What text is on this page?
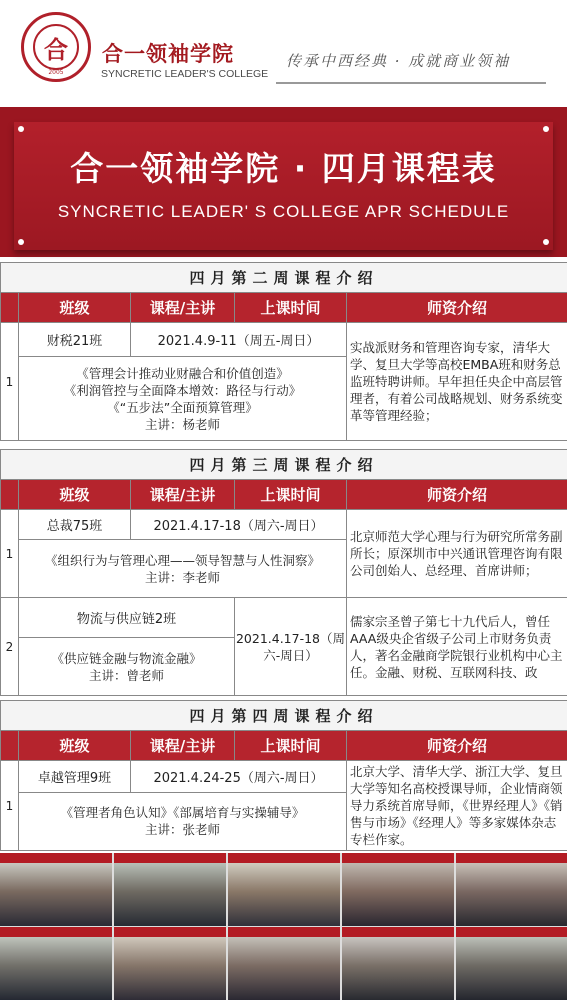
合
2005
合一领袖学院
SYNCRETIC LEADER'S COLLEGE
传承中西经典 · 成就商业领袖
合一领袖学院 · 四月课程表
SYNCRETIC LEADER' S COLLEGE APR SCHEDULE
四月第二周课程介绍				
	班级	课程/主讲	上课时间	师资介绍
1	财税21班	2021.4.9-11（周五-周日）		实战派财务和管理咨询专家，清华大学、复旦大学等高校EMBA班和财务总监班特聘讲师。早年担任央企中高层管理者，有着公司战略规划、财务系统变革等管理经验；

	《管理会计推动业财融合和价值创造》
《利润管控与全面降本增效：路径与行动》
《“五步法”全面预算管理》
主讲：杨老师			
四月第三周课程介绍				
	班级	课程/主讲	上课时间	师资介绍
1	总裁75班	2021.4.17-18（周六-周日）		北京师范大学心理与行为研究所常务副所长；原深圳市中兴通讯管理咨询有限公司创始人、总经理、首席讲师；

	《组织行为与管理心理——领导智慧与人性洞察》
主讲：李老师			

2	物流与供应链2班		2021.4.17-18（周六-周日）	儒家宗圣曾子第七十九代后人，曾任AAA级央企省级子公司上市财务负责人，著名金融商学院银行业机构中心主任。金融、财税、互联网科技、政

	《供应链金融与物流金融》
主讲：曾老师			
四月第四周课程介绍				
	班级	课程/主讲	上课时间	师资介绍
1	卓越管理9班	2021.4.24-25（周六-周日）		北京大学、清华大学、浙江大学、复旦大学等知名高校授课导师，企业情商领导力系统首席导师，《世界经理人》《销售与市场》《经理人》等多家媒体杂志专栏作家。

	《管理者角色认知》《部属培育与实操辅导》
主讲：张老师			
